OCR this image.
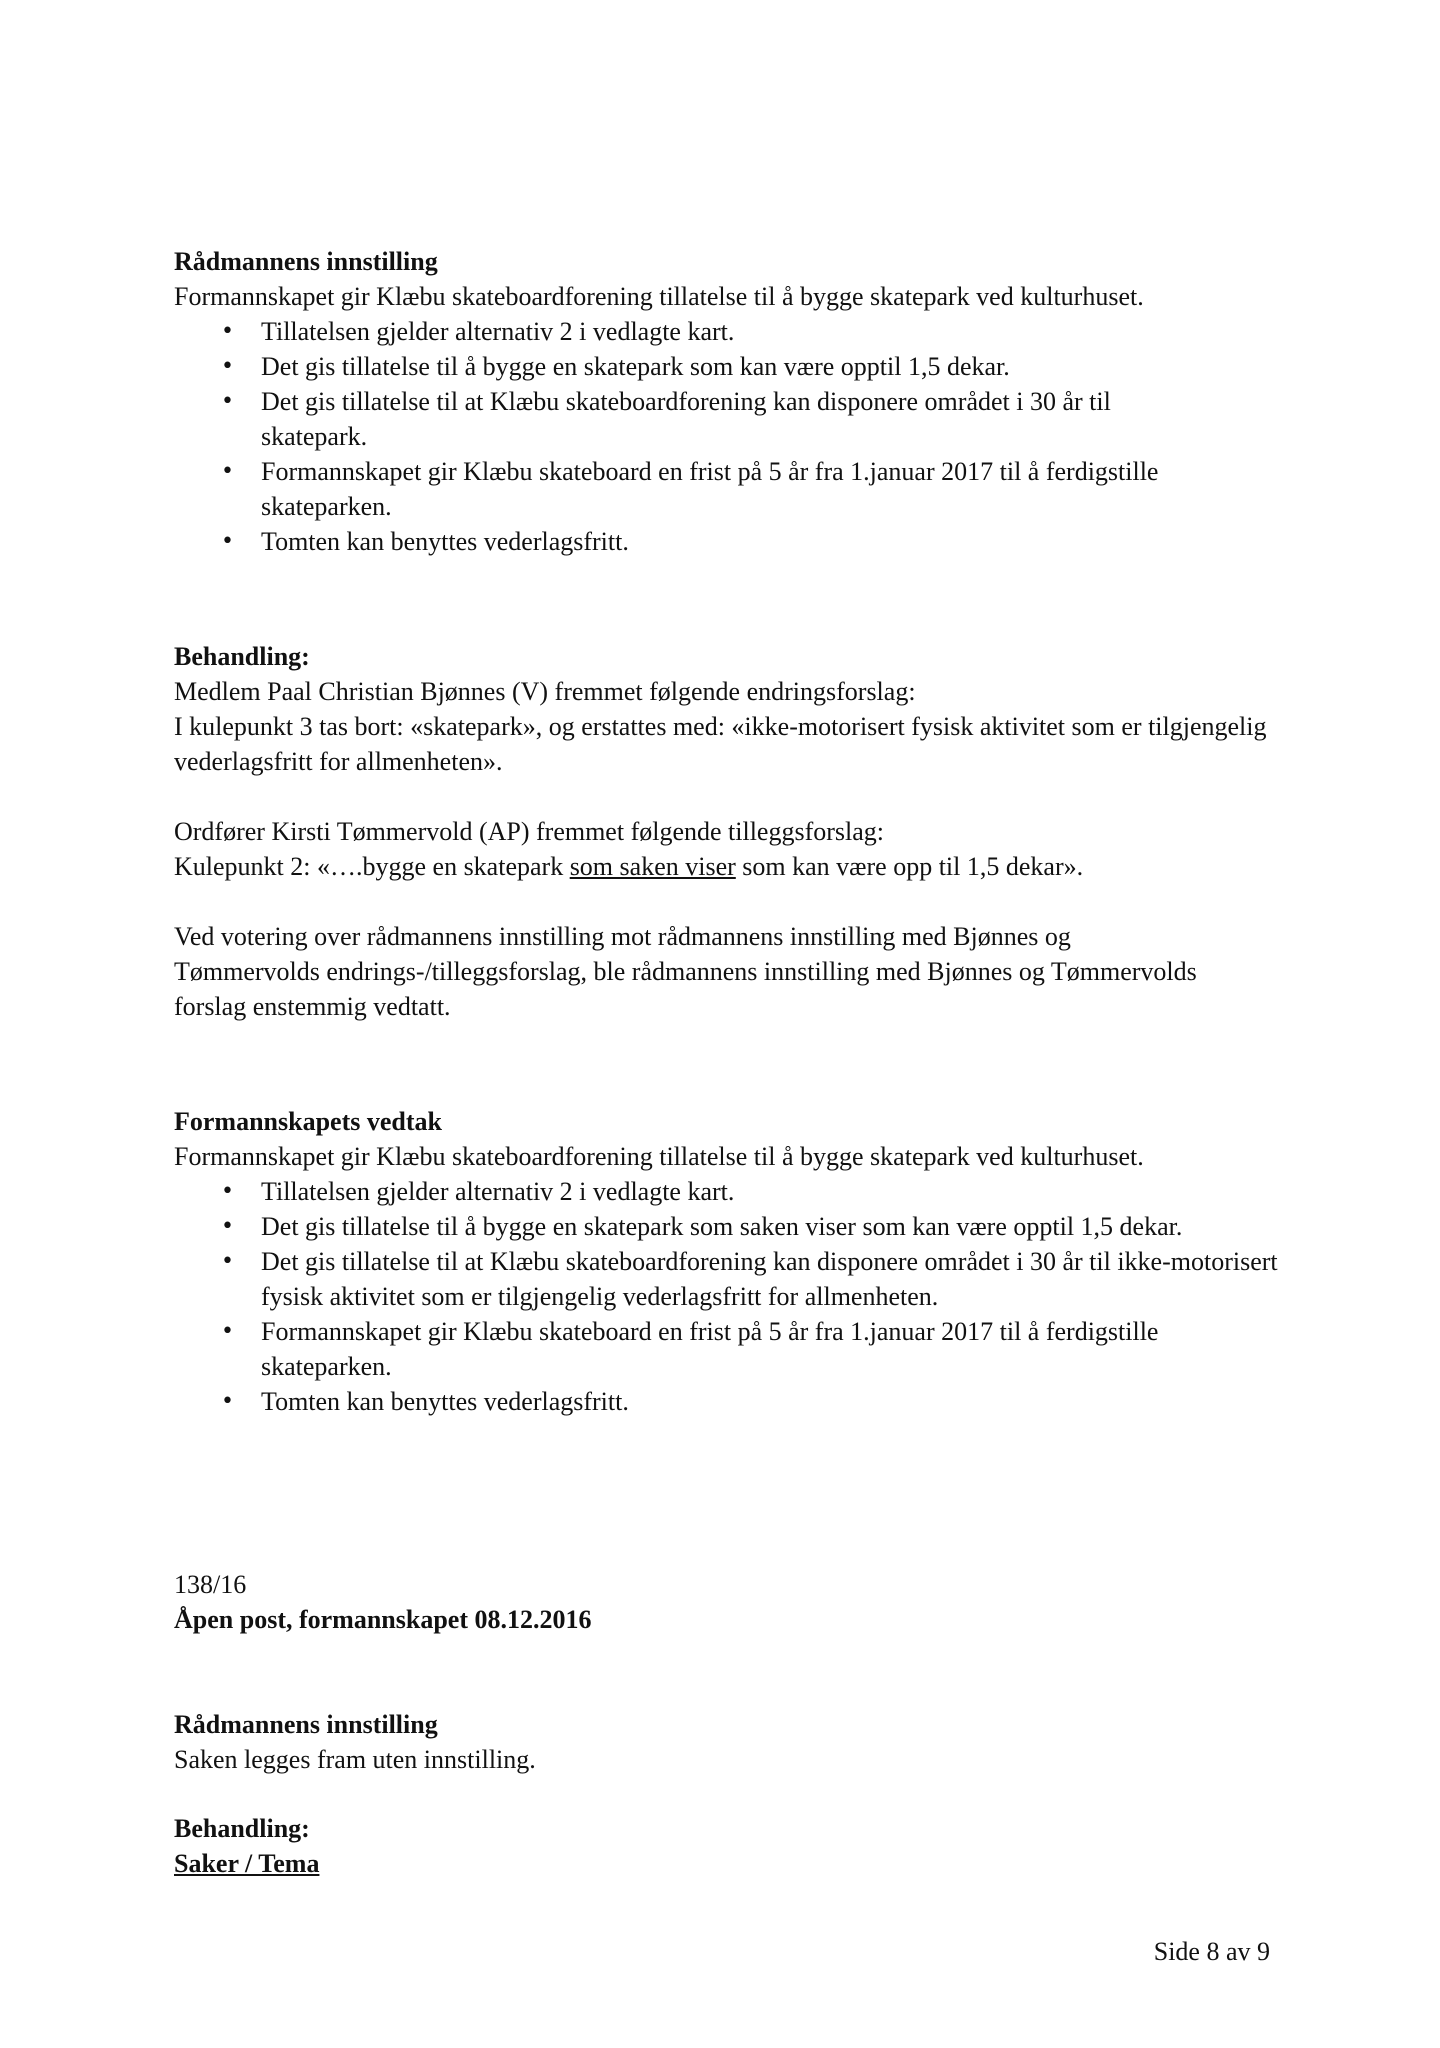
Rådmannens innstilling

Formannskapet gir Klæbu skateboardforening tillatelse til å bygge skatepark ved kulturhuset.

• Tillatelsen gjelder alternativ 2 i vedlagte kart.
• Det gis tillatelse til å bygge en skatepark som kan være opptil 1,5 dekar.
• Det gis tillatelse til at Klæbu skateboardforening kan disponere området i 30 år til skatepark.
• Formannskapet gir Klæbu skateboard en frist på 5 år fra 1.januar 2017 til å ferdigstille skateparken.
• Tomten kan benyttes vederlagsfritt.

Behandling:

Medlem Paal Christian Bjønnes (V) fremmet følgende endringsforslag:

I kulepunkt 3 tas bort: «skatepark», og erstattes med: «ikke-motorisert fysisk aktivitet som er tilgjengelig vederlagsfritt for allmenheten».

Ordfører Kirsti Tømmervold (AP) fremmet følgende tilleggsforslag:

Kulepunkt 2: «….bygge en skatepark som saken viser som kan være opp til 1,5 dekar».

Ved votering over rådmannens innstilling mot rådmannens innstilling med Bjønnes og Tømmervolds endrings-/tilleggsforslag, ble rådmannens innstilling med Bjønnes og Tømmervolds forslag enstemmig vedtatt.

Formannskapets vedtak

Formannskapet gir Klæbu skateboardforening tillatelse til å bygge skatepark ved kulturhuset.

• Tillatelsen gjelder alternativ 2 i vedlagte kart.
• Det gis tillatelse til å bygge en skatepark som saken viser som kan være opptil 1,5 dekar.
• Det gis tillatelse til at Klæbu skateboardforening kan disponere området i 30 år til ikke-motorisert fysisk aktivitet som er tilgjengelig vederlagsfritt for allmenheten.
• Formannskapet gir Klæbu skateboard en frist på 5 år fra 1.januar 2017 til å ferdigstille skateparken.
• Tomten kan benyttes vederlagsfritt.

138/16

Åpen post, formannskapet 08.12.2016

Rådmannens innstilling

Saken legges fram uten innstilling.

Behandling:

Saker / Tema

Side 8 av 9
